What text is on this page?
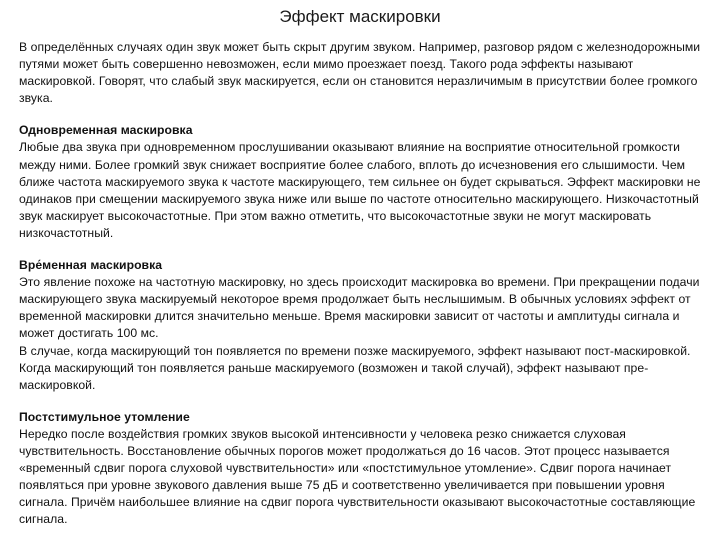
Эффект маскировки

В определённых случаях один звук может быть скрыт другим звуком. Например, разговор рядом с железнодорожными путями может быть совершенно невозможен, если мимо проезжает поезд. Такого рода эффекты называют маскировкой. Говорят, что слабый звук маскируется, если он становится неразличимым в присутствии более громкого звука.

Одновременная маскировка

Любые два звука при одновременном прослушивании оказывают влияние на восприятие относительной громкости между ними. Более громкий звук снижает восприятие более слабого, вплоть до исчезновения его слышимости. Чем ближе частота маскируемого звука к частоте маскирующего, тем сильнее он будет скрываться. Эффект маскировки не одинаков при смещении маскируемого звука ниже или выше по частоте относительно маскирующего. Низкочастотный звук маскирует высокочастотные. При этом важно отметить, что высокочастотные звуки не могут маскировать низкочастотный.

Вре́менная маскировка

Это явление похоже на частотную маскировку, но здесь происходит маскировка во времени. При прекращении подачи маскирующего звука маскируемый некоторое время продолжает быть неслышимым. В обычных условиях эффект от временной маскировки длится значительно меньше. Время маскировки зависит от частоты и амплитуды сигнала и может достигать 100 мс.

В случае, когда маскирующий тон появляется по времени позже маскируемого, эффект называют пост-маскировкой. Когда маскирующий тон появляется раньше маскируемого (возможен и такой случай), эффект называют пре-маскировкой.

Постстимульное утомление

Нередко после воздействия громких звуков высокой интенсивности у человека резко снижается слуховая чувствительность. Восстановление обычных порогов может продолжаться до 16 часов. Этот процесс называется «временный сдвиг порога слуховой чувствительности» или «постстимульное утомление». Сдвиг порога начинает появляться при уровне звукового давления выше 75 дБ и соответственно увеличивается при повышении уровня сигнала. Причём наибольшее влияние на сдвиг порога чувствительности оказывают высокочастотные составляющие сигнала.
